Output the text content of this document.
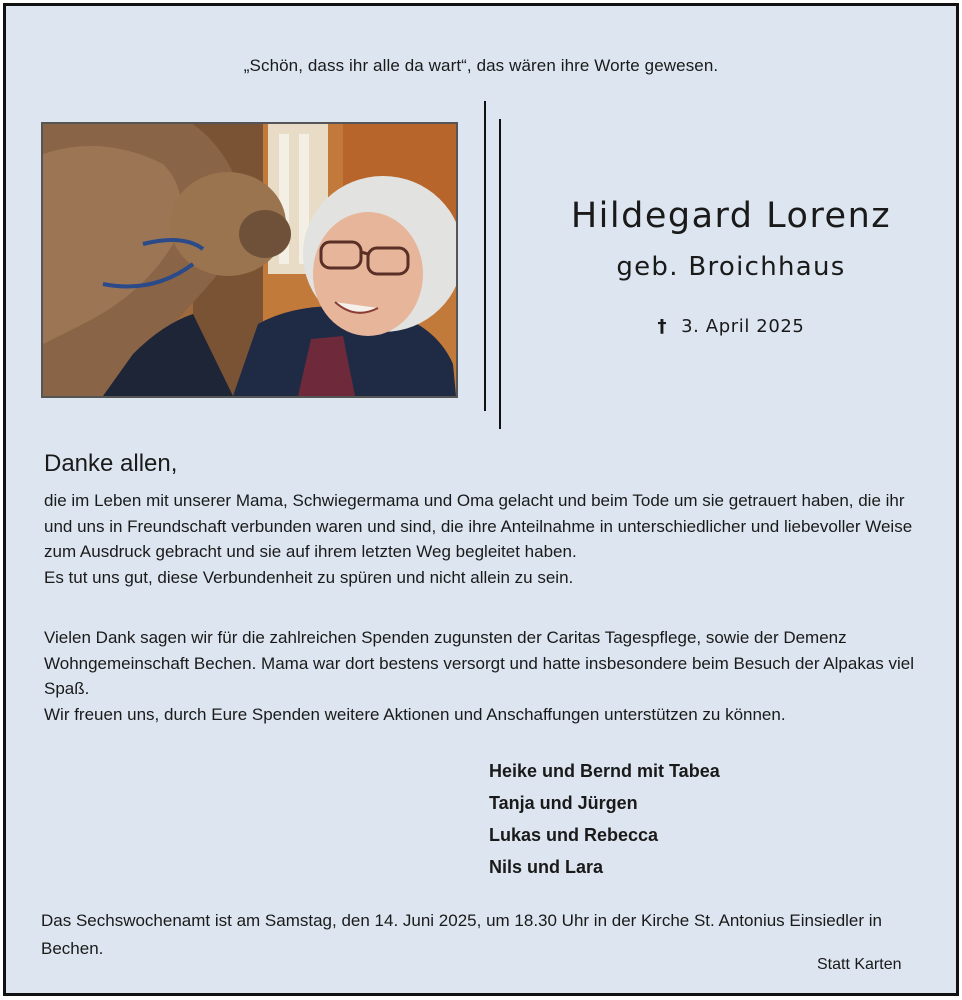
„Schön, dass ihr alle da wart“, das wären ihre Worte gewesen.
Hildegard Lorenz
geb. Broichhaus
† 3. April 2025
Danke allen,
die im Leben mit unserer Mama, Schwiegermama und Oma gelacht und beim Tode um sie getrauert haben, die ihr und uns in Freundschaft verbunden waren und sind, die ihre Anteilnahme in unterschiedlicher und liebevoller Weise zum Ausdruck gebracht und sie auf ihrem letzten Weg begleitet haben.
Es tut uns gut, diese Verbundenheit zu spüren und nicht allein zu sein.
Vielen Dank sagen wir für die zahlreichen Spenden zugunsten der Caritas Tagespflege, sowie der Demenz Wohngemeinschaft Bechen. Mama war dort bestens versorgt und hatte insbesondere beim Besuch der Alpakas viel Spaß.
Wir freuen uns, durch Eure Spenden weitere Aktionen und Anschaffungen unterstützen zu können.
Heike und Bernd mit Tabea
Tanja und Jürgen
Lukas und Rebecca
Nils und Lara

Das Sechswochenamt ist am Samstag, den 14. Juni 2025, um 18.30 Uhr in der Kirche St. Antonius Einsiedler in Bechen.

Statt Karten
